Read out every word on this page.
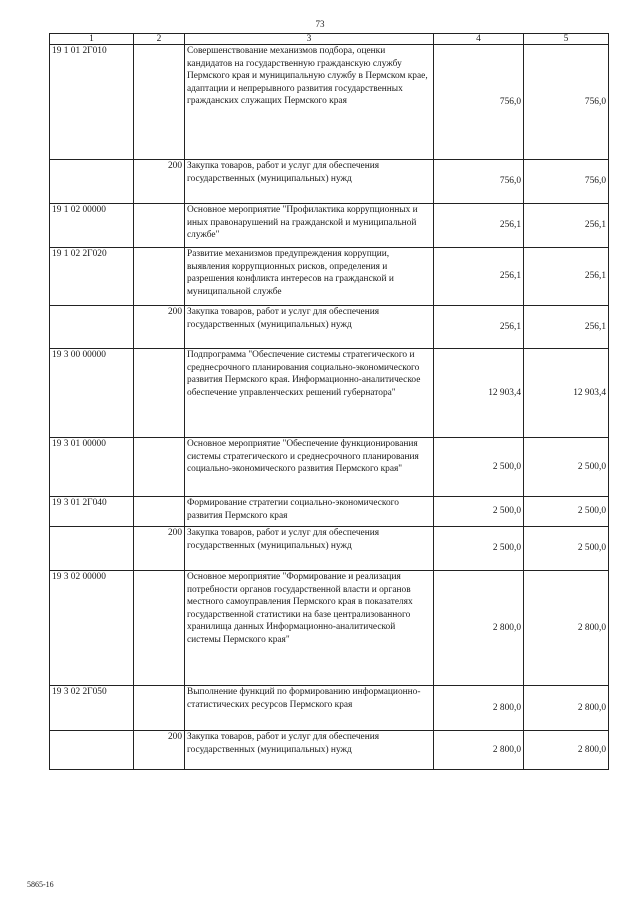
73
1	2	3	4	5
19 1 01 2Г010		Совершенствование механизмов подбора, оценки кандидатов на государственную гражданскую службу Пермского края и муниципальную службу в Пермском крае, адаптации и непрерывного развития государственных гражданских служащих Пермского края	756,0	756,0
	200	Закупка товаров, работ и услуг для обеспечения государственных (муниципальных) нужд	756,0	756,0
19 1 02 00000		Основное мероприятие "Профилактика коррупционных и иных правонарушений на гражданской и муниципальной службе"	256,1	256,1
19 1 02 2Г020		Развитие механизмов предупреждения коррупции, выявления коррупционных рисков, определения и разрешения конфликта интересов на гражданской и муниципальной службе	256,1	256,1
	200	Закупка товаров, работ и услуг для обеспечения государственных (муниципальных) нужд	256,1	256,1
19 3 00 00000		Подпрограмма "Обеспечение системы стратегического и среднесрочного планирования социально-экономического развития Пермского края. Информационно-аналитическое обеспечение управленческих решений губернатора"	12 903,4	12 903,4
19 3 01 00000		Основное мероприятие "Обеспечение функционирования системы стратегического и среднесрочного планирования социально-экономического развития Пермского края"	2 500,0	2 500,0
19 3 01 2Г040		Формирование стратегии социально-экономического развития Пермского края	2 500,0	2 500,0
	200	Закупка товаров, работ и услуг для обеспечения государственных (муниципальных) нужд	2 500,0	2 500,0
19 3 02 00000		Основное мероприятие "Формирование и реализация потребности органов государственной власти и органов местного самоуправления Пермского края в показателях государственной статистики на базе централизованного хранилища данных Информационно-аналитической системы Пермского края"	2 800,0	2 800,0
19 3 02 2Г050		Выполнение функций по формированию информационно-статистических ресурсов Пермского края	2 800,0	2 800,0
	200	Закупка товаров, работ и услуг для обеспечения государственных (муниципальных) нужд	2 800,0	2 800,0
5865-16
